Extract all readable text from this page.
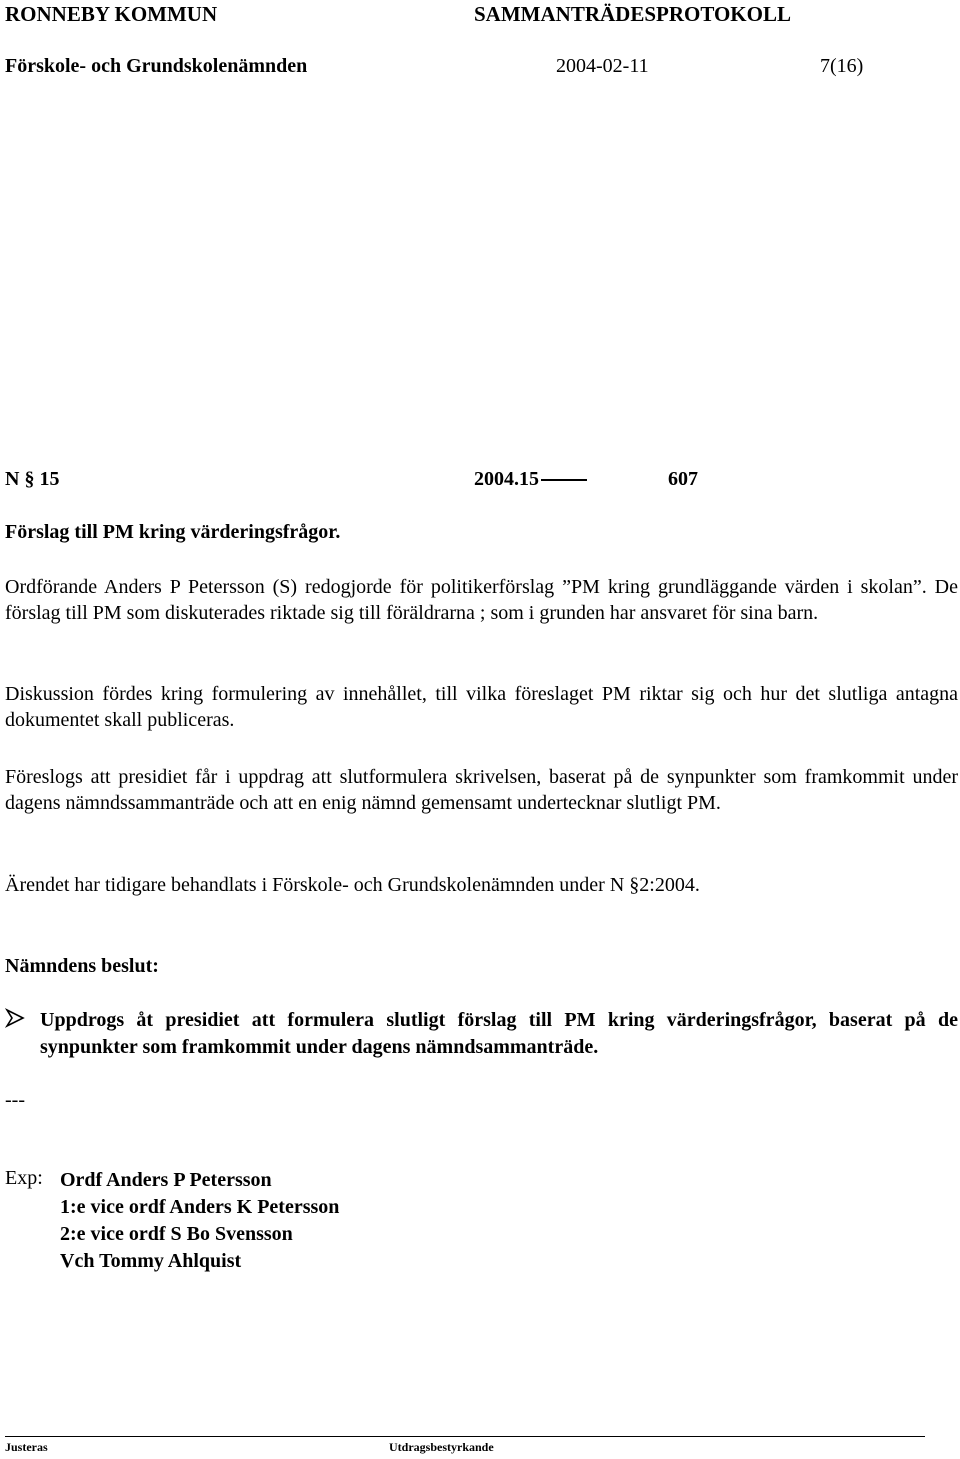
RONNEBY KOMMUN	SAMMANTRÄDESPROTOKOLL
Förskole- och Grundskolenämnden	2004-02-11	7(16)
N § 15	2004.15	607
Förslag till PM kring värderingsfrågor.

Ordförande Anders P Petersson (S) redogjorde för politikerförslag ”PM kring grundläggande värden i skolan”. De förslag till PM som diskuterades riktade sig till föräldrarna ; som i grunden har ansvaret för sina barn.

Diskussion fördes kring formulering av innehållet, till vilka föreslaget PM riktar sig och hur det slutliga antagna dokumentet skall publiceras.

Föreslogs att presidiet får i uppdrag att slutformulera skrivelsen, baserat på de synpunkter som framkommit under dagens nämndssammanträde och att en enig nämnd gemensamt undertecknar slutligt PM.

Ärendet har tidigare behandlats i Förskole- och Grundskolenämnden under N §2:2004.

Nämndens beslut:

Uppdrogs åt presidiet att formulera slutligt förslag till PM kring värderingsfrågor, baserat på de synpunkter som framkommit under dagens nämndsammanträde.

---
Exp: Ordf Anders P Petersson
1:e vice ordf Anders K Petersson
2:e vice ordf S Bo Svensson
Vch Tommy Ahlquist
Justeras	Utdragsbestyrkande
